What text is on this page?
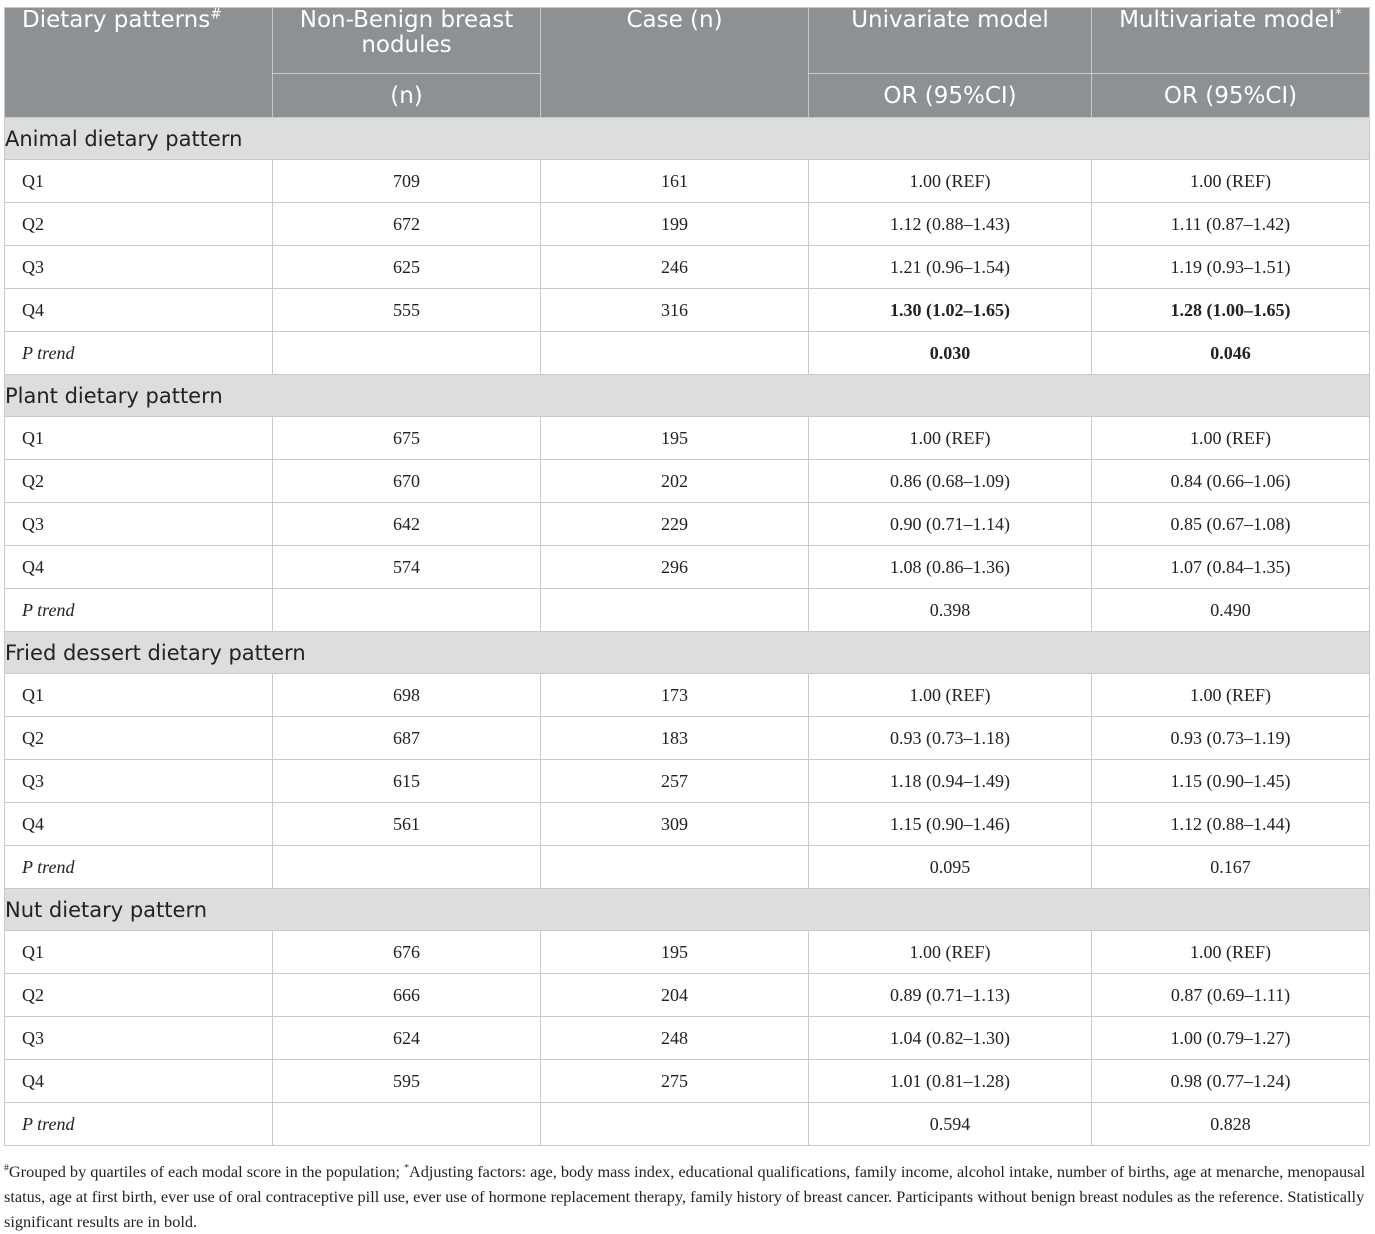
Dietary patterns#	Non-Benign breast nodules	Case (n)	Univariate model	Multivariate model*
	(n)		OR (95%CI)	OR (95%CI)
Animal dietary pattern				
Q1	709	161	1.00 (REF)	1.00 (REF)
Q2	672	199	1.12 (0.88–1.43)	1.11 (0.87–1.42)
Q3	625	246	1.21 (0.96–1.54)	1.19 (0.93–1.51)
Q4	555	316	1.30 (1.02–1.65)	1.28 (1.00–1.65)
P trend			0.030	0.046
Plant dietary pattern				
Q1	675	195	1.00 (REF)	1.00 (REF)
Q2	670	202	0.86 (0.68–1.09)	0.84 (0.66–1.06)
Q3	642	229	0.90 (0.71–1.14)	0.85 (0.67–1.08)
Q4	574	296	1.08 (0.86–1.36)	1.07 (0.84–1.35)
P trend			0.398	0.490
Fried dessert dietary pattern				
Q1	698	173	1.00 (REF)	1.00 (REF)
Q2	687	183	0.93 (0.73–1.18)	0.93 (0.73–1.19)
Q3	615	257	1.18 (0.94–1.49)	1.15 (0.90–1.45)
Q4	561	309	1.15 (0.90–1.46)	1.12 (0.88–1.44)
P trend			0.095	0.167
Nut dietary pattern				
Q1	676	195	1.00 (REF)	1.00 (REF)
Q2	666	204	0.89 (0.71–1.13)	0.87 (0.69–1.11)
Q3	624	248	1.04 (0.82–1.30)	1.00 (0.79–1.27)
Q4	595	275	1.01 (0.81–1.28)	0.98 (0.77–1.24)
P trend			0.594	0.828
#Grouped by quartiles of each modal score in the population; *Adjusting factors: age, body mass index, educational qualifications, family income, alcohol intake, number of births, age at menarche, menopausal status, age at first birth, ever use of oral contraceptive pill use, ever use of hormone replacement therapy, family history of breast cancer. Participants without benign breast nodules as the reference. Statistically significant results are in bold.
